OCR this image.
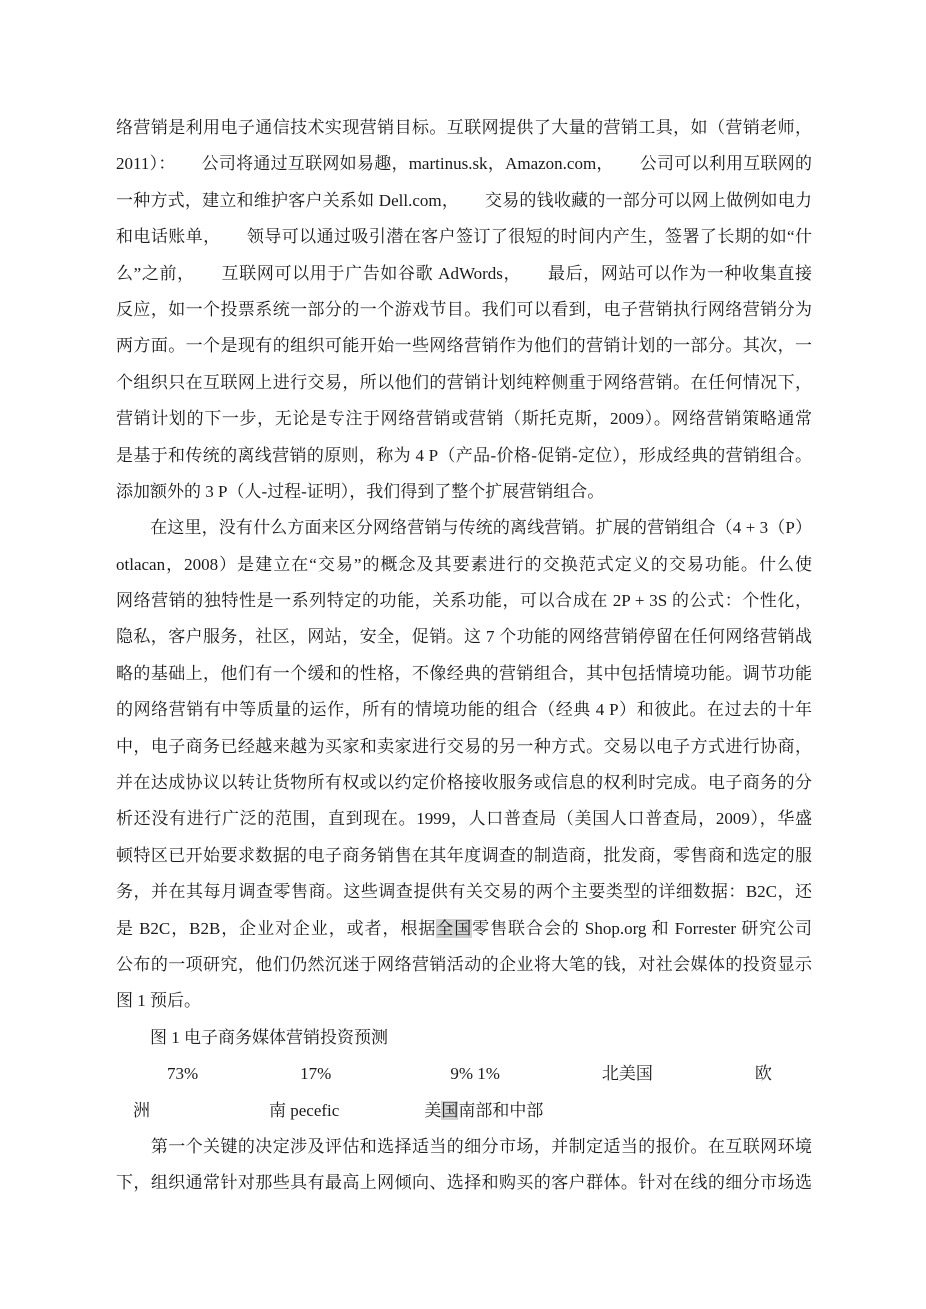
络营销是利用电子通信技术实现营销目标。互联网提供了大量的营销工具，如（营销老师，
2011）：　　公司将通过互联网如易趣，martinus.sk，Amazon.com，　　公司可以利用互联网的
一种方式，建立和维护客户关系如 Dell.com，　　交易的钱收藏的一部分可以网上做例如电力
和电话账单，　　领导可以通过吸引潜在客户签订了很短的时间内产生，签署了长期的如“什
么”之前，　　互联网可以用于广告如谷歌 AdWords，　　最后，网站可以作为一种收集直接
反应，如一个投票系统一部分的一个游戏节目。我们可以看到，电子营销执行网络营销分为
两方面。一个是现有的组织可能开始一些网络营销作为他们的营销计划的一部分。其次，一
个组织只在互联网上进行交易，所以他们的营销计划纯粹侧重于网络营销。在任何情况下，
营销计划的下一步，无论是专注于网络营销或营销（斯托克斯，2009）。网络营销策略通常
是基于和传统的离线营销的原则，称为 4 P（产品-价格-促销-定位），形成经典的营销组合。
添加额外的 3 P（人-过程-证明），我们得到了整个扩展营销组合。
　　在这里，没有什么方面来区分网络营销与传统的离线营销。扩展的营销组合（4 + 3（P）
otlacan，2008）是建立在“交易”的概念及其要素进行的交换范式定义的交易功能。什么使
网络营销的独特性是一系列特定的功能，关系功能，可以合成在 2P + 3S 的公式：个性化，
隐私，客户服务，社区，网站，安全，促销。这 7 个功能的网络营销停留在任何网络营销战
略的基础上，他们有一个缓和的性格，不像经典的营销组合，其中包括情境功能。调节功能
的网络营销有中等质量的运作，所有的情境功能的组合（经典 4 P）和彼此。在过去的十年
中，电子商务已经越来越为买家和卖家进行交易的另一种方式。交易以电子方式进行协商，
并在达成协议以转让货物所有权或以约定价格接收服务或信息的权利时完成。电子商务的分
析还没有进行广泛的范围，直到现在。1999，人口普查局（美国人口普查局，2009），华盛
顿特区已开始要求数据的电子商务销售在其年度调查的制造商，批发商，零售商和选定的服
务，并在其每月调查零售商。这些调查提供有关交易的两个主要类型的详细数据：B2C，还
是 B2C，B2B，企业对企业，或者，根据全国零售联合会的 Shop.org 和 Forrester 研究公司
公布的一项研究，他们仍然沉迷于网络营销活动的企业将大笔的钱，对社会媒体的投资显示
图 1 预后。
　　图 1 电子商务媒体营销投资预测
　　　73%　　　　　　17%　　　　　　　9% 1%　　　　　　北美国　　　　　　欧
　洲　　　　　　　南 pecefic　　　　　美国南部和中部
　　第一个关键的决定涉及评估和选择适当的细分市场，并制定适当的报价。在互联网环境
下，组织通常针对那些具有最高上网倾向、选择和购买的客户群体。针对在线的细分市场选
